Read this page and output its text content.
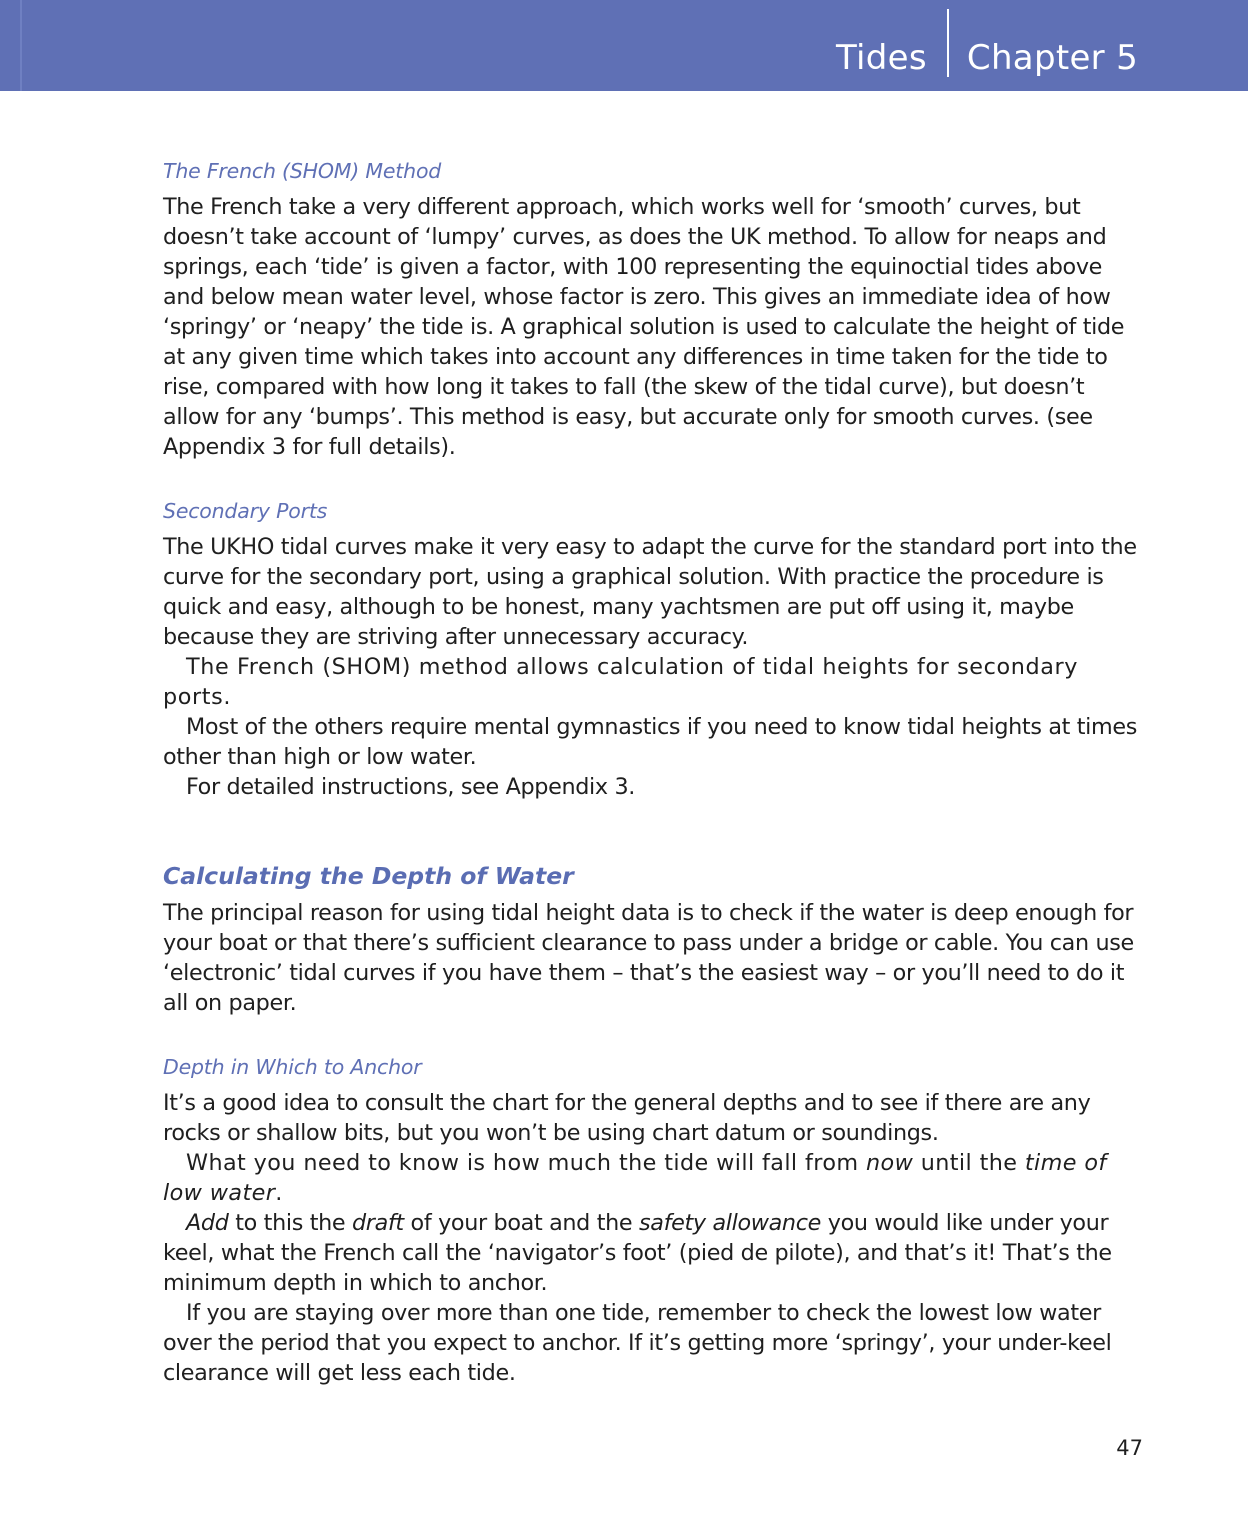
Tides Chapter 5
The French (SHOM) Method

The French take a very different approach, which works well for ‘smooth’ curves, but doesn’t take account of ‘lumpy’ curves, as does the UK method. To allow for neaps and springs, each ‘tide’ is given a factor, with 100 representing the equinoctial tides above and below mean water level, whose factor is zero. This gives an immediate idea of how ‘springy’ or ‘neapy’ the tide is. A graphical solution is used to calculate the height of tide at any given time which takes into account any differences in time taken for the tide to rise, compared with how long it takes to fall (the skew of the tidal curve), but doesn’t allow for any ‘bumps’. This method is easy, but accurate only for smooth curves. (see Appendix 3 for full details).

Secondary Ports

The UKHO tidal curves make it very easy to adapt the curve for the standard port into the curve for the secondary port, using a graphical solution. With practice the procedure is quick and easy, although to be honest, many yachtsmen are put off using it, maybe because they are striving after unnecessary accuracy.

The French (SHOM) method allows calculation of tidal heights for secondary ports.

Most of the others require mental gymnastics if you need to know tidal heights at times other than high or low water.

For detailed instructions, see Appendix 3.

Calculating the Depth of Water

The principal reason for using tidal height data is to check if the water is deep enough for your boat or that there’s sufficient clearance to pass under a bridge or cable. You can use ‘electronic’ tidal curves if you have them – that’s the easiest way – or you’ll need to do it all on paper.

Depth in Which to Anchor

It’s a good idea to consult the chart for the general depths and to see if there are any rocks or shallow bits, but you won’t be using chart datum or soundings.

What you need to know is how much the tide will fall from now until the time of low water.

Add to this the draft of your boat and the safety allowance you would like under your keel, what the French call the ‘navigator’s foot’ (pied de pilote), and that’s it! That’s the minimum depth in which to anchor.

If you are staying over more than one tide, remember to check the lowest low water over the period that you expect to anchor. If it’s getting more ‘springy’, your under-keel clearance will get less each tide.

47
